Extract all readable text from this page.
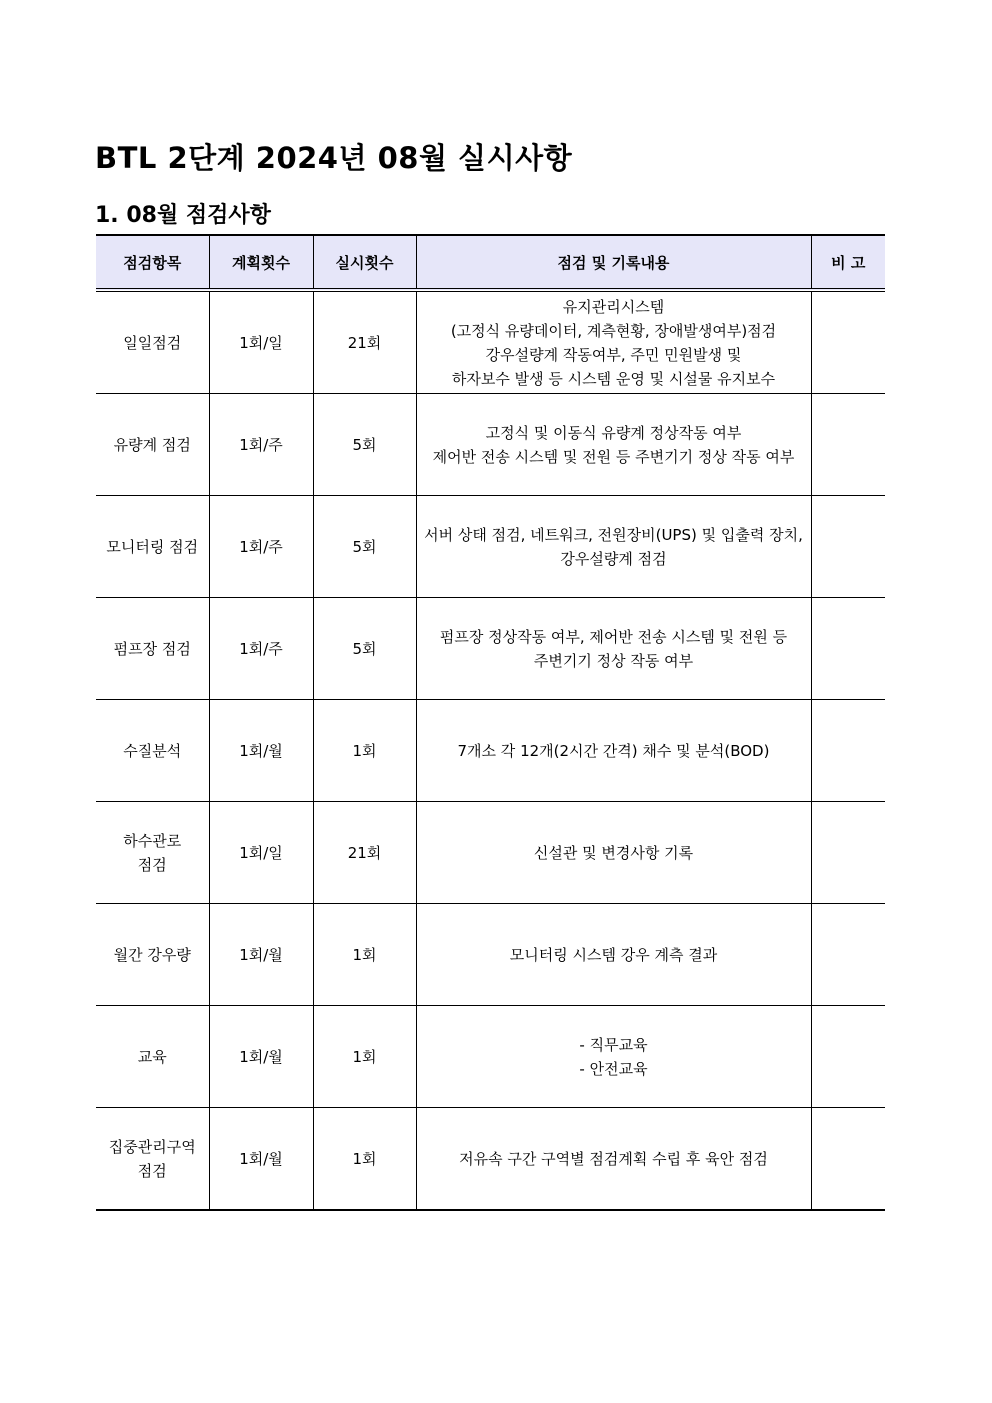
BTL 2단계 2024년 08월 실시사항
1. 08월 점검사항
점검항목	계획횟수	실시횟수	점검 및 기록내용	비 고

일일점검	1회/일	21회	유지관리시스템
(고정식 유량데이터, 계측현황, 장애발생여부)점검
강우설량계 작동여부, 주민 민원발생 및
하자보수 발생 등 시스템 운영 및 시설물 유지보수	

유량계 점검	1회/주	5회	고정식 및 이동식 유량계 정상작동 여부
제어반 전송 시스템 및 전원 등 주변기기 정상 작동 여부	

모니터링 점검	1회/주	5회	서버 상태 점검, 네트워크, 전원장비(UPS) 및 입출력 장치,
강우설량계 점검	

펌프장 점검	1회/주	5회	펌프장 정상작동 여부, 제어반 전송 시스템 및 전원 등
주변기기 정상 작동 여부	

수질분석	1회/월	1회	7개소 각 12개(2시간 간격) 채수 및 분석(BOD)	

하수관로
점검	1회/일	21회	신설관 및 변경사항 기록	

월간 강우량	1회/월	1회	모니터링 시스템 강우 계측 결과	

교육	1회/월	1회	- 직무교육
- 안전교육	

집중관리구역
점검	1회/월	1회	저유속 구간 구역별 점검계획 수립 후 육안 점검	
